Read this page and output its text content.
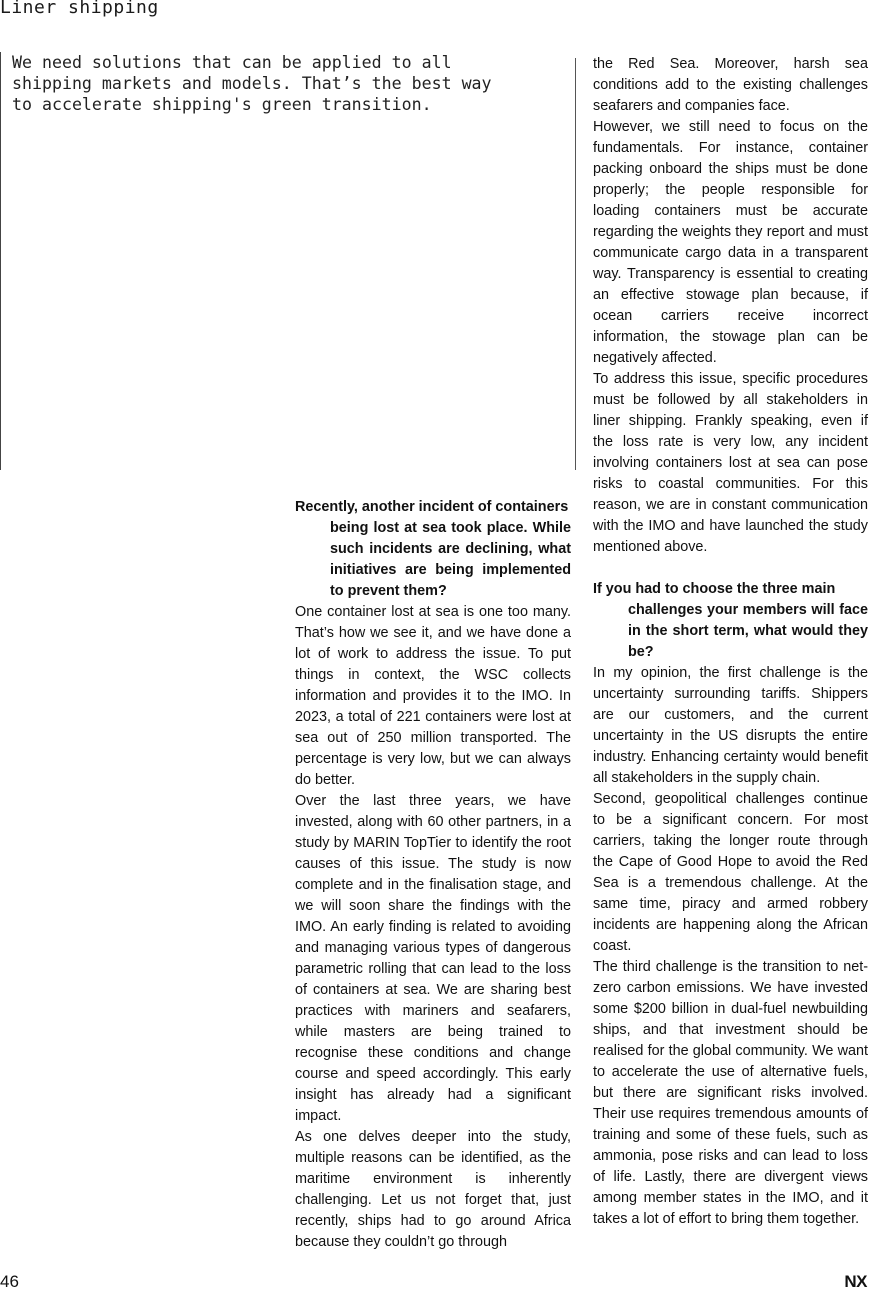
Liner shipping

We need solutions that can be applied to all shipping markets and models. That’s the best way to accelerate shipping's green transition.

Recently, another incident of containers
being lost at sea took place. While such incidents are declining, what initiatives are being implemented to prevent them?

One container lost at sea is one too many. That’s how we see it, and we have done a lot of work to address the issue. To put things in context, the WSC collects information and provides it to the IMO. In 2023, a total of 221 containers were lost at sea out of 250 million transported. The percentage is very low, but we can always do better.

Over the last three years, we have invested, along with 60 other partners, in a study by MARIN TopTier to identify the root causes of this issue. The study is now complete and in the finalisation stage, and we will soon share the findings with the IMO. An early finding is related to avoiding and managing various types of dangerous parametric rolling that can lead to the loss of containers at sea. We are sharing best practices with mariners and seafarers, while masters are being trained to recognise these conditions and change course and speed accordingly. This early insight has already had a significant impact.

As one delves deeper into the study, multiple reasons can be identified, as the maritime environment is inherently challenging. Let us not forget that, just recently, ships had to go around Africa because they couldn’t go through

the Red Sea. Moreover, harsh sea conditions add to the existing challenges seafarers and companies face.

However, we still need to focus on the fundamentals. For instance, container packing onboard the ships must be done properly; the people responsible for loading containers must be accurate regarding the weights they report and must communicate cargo data in a transparent way. Transparency is essential to creating an effective stowage plan because, if ocean carriers receive incorrect information, the stowage plan can be negatively affected.

To address this issue, specific procedures must be followed by all stakeholders in liner shipping. Frankly speaking, even if the loss rate is very low, any incident involving containers lost at sea can pose risks to coastal communities. For this reason, we are in constant communication with the IMO and have launched the study mentioned above.

If you had to choose the three main
challenges your members will face in the short term, what would they be?

In my opinion, the first challenge is the uncertainty surrounding tariffs. Shippers are our customers, and the current uncertainty in the US disrupts the entire industry. Enhancing certainty would benefit all stakeholders in the supply chain.

Second, geopolitical challenges continue to be a significant concern. For most carriers, taking the longer route through the Cape of Good Hope to avoid the Red Sea is a tremendous challenge. At the same time, piracy and armed robbery incidents are happening along the African coast.

The third challenge is the transition to net-zero carbon emissions. We have invested some $200 billion in dual-fuel newbuilding ships, and that investment should be realised for the global community. We want to accelerate the use of alternative fuels, but there are significant risks involved. Their use requires tremendous amounts of training and some of these fuels, such as ammonia, pose risks and can lead to loss of life. Lastly, there are divergent views among member states in the IMO, and it takes a lot of effort to bring them together.

46	NX
